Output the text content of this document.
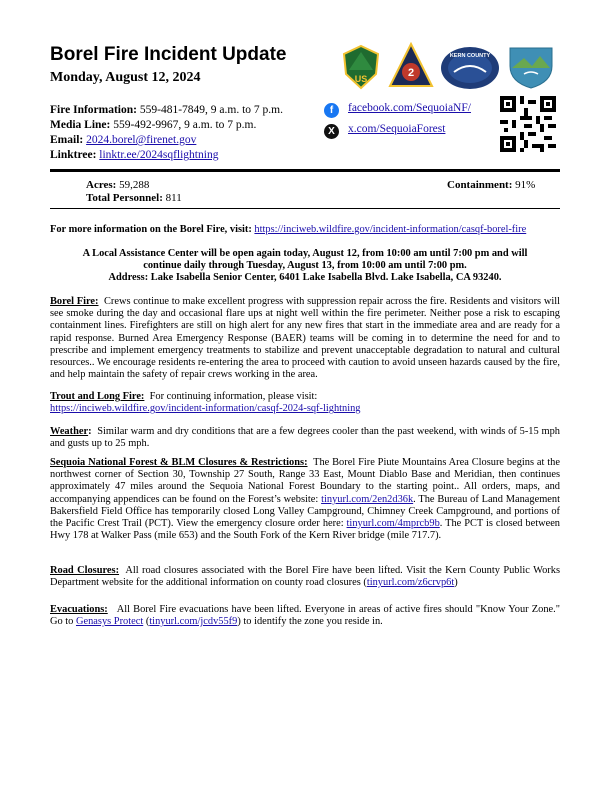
Borel Fire Incident Update
Monday, August 12, 2024	US	2
KERN COUNTY
Fire Information: 559-481-7849, 9 a.m. to 7 p.m.
Media Line: 559-492-9967, 9 a.m. to 7 p.m.
Email: 2024.borel@firenet.gov
Linktree: linktr.ee/2024sqflightning
f	facebook.com/SequoiaNF/
X	x.com/SequoiaForest
Acres: 59,288
Total Personnel: 811
Containment: 91%
For more information on the Borel Fire, visit: https://inciweb.wildfire.gov/incident-information/casqf-borel-fire
A Local Assistance Center will be open again today, August 12, from 10:00 am until 7:00 pm and will
continue daily through Tuesday, August 13, from 10:00 am until 7:00 pm.
Address: Lake Isabella Senior Center, 6401 Lake Isabella Blvd. Lake Isabella, CA 93240.
Borel Fire: Crews continue to make excellent progress with suppression repair across the fire. Residents and visitors will see smoke during the day and occasional flare ups at night well within the fire perimeter. Neither pose a risk to escaping containment lines. Firefighters are still on high alert for any new fires that start in the immediate area and are ready for a rapid response. Burned Area Emergency Response (BAER) teams will be coming in to determine the need for and to prescribe and implement emergency treatments to stabilize and prevent unacceptable degradation to natural and cultural resources.. We encourage residents re-entering the area to proceed with caution to avoid unseen hazards caused by the fire, and help maintain the safety of repair crews working in the area.
Trout and Long Fire: For continuing information, please visit:
https://inciweb.wildfire.gov/incident-information/casqf-2024-sqf-lightning
Weather: Similar warm and dry conditions that are a few degrees cooler than the past weekend, with winds of 5-15 mph and gusts up to 25 mph.
Sequoia National Forest & BLM Closures & Restrictions: The Borel Fire Piute Mountains Area Closure begins at the northwest corner of Section 30, Township 27 South, Range 33 East, Mount Diablo Base and Meridian, then continues approximately 47 miles around the Sequoia National Forest Boundary to the starting point.. All orders, maps, and accompanying appendices can be found on the Forest’s website: tinyurl.com/2en2d36k. The Bureau of Land Management Bakersfield Field Office has temporarily closed Long Valley Campground, Chimney Creek Campground, and portions of the Pacific Crest Trail (PCT). View the emergency closure order here: tinyurl.com/4mprcb9b. The PCT is closed between Hwy 178 at Walker Pass (mile 653) and the South Fork of the Kern River bridge (mile 717.7).
Road Closures: All road closures associated with the Borel Fire have been lifted. Visit the Kern County Public Works Department website for the additional information on county road closures (tinyurl.com/z6crvp6t)
Evacuations: All Borel Fire evacuations have been lifted. Everyone in areas of active fires should "Know Your Zone." Go to Genasys Protect (tinyurl.com/jcdv55f9) to identify the zone you reside in.
